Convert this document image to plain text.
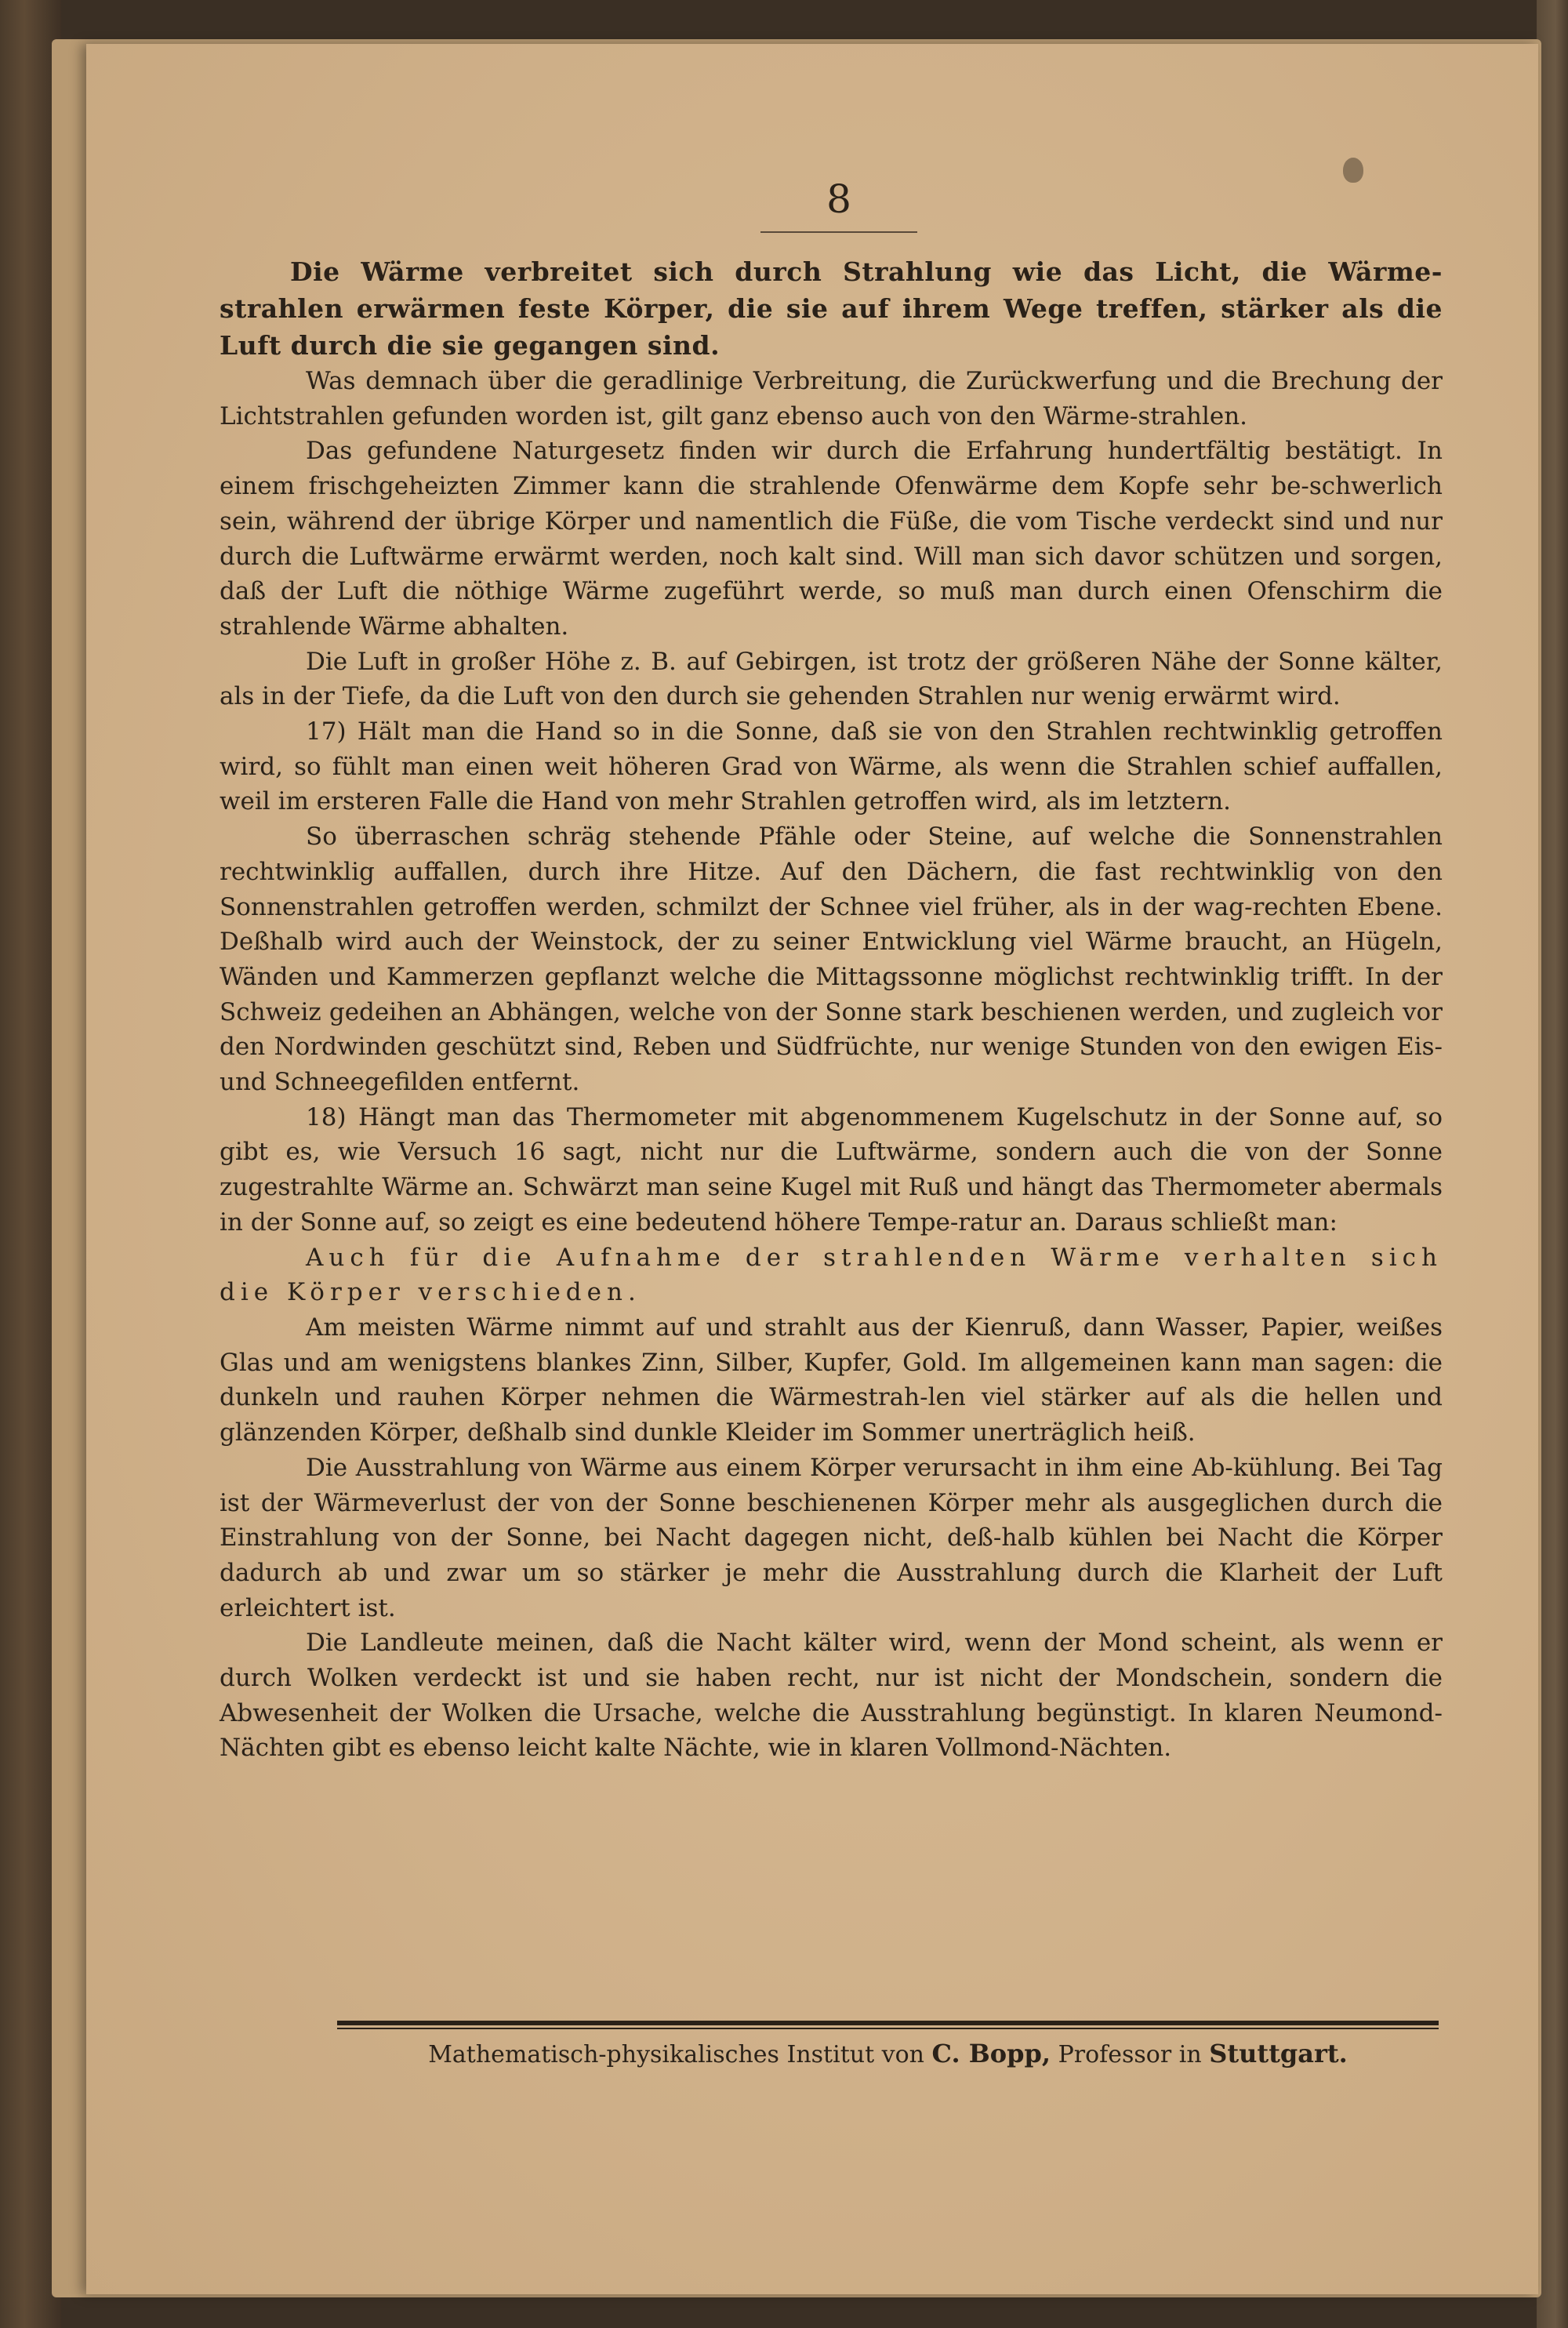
8

Die Wärme verbreitet sich durch Strahlung wie das Licht, die Wärme-strahlen erwärmen feste Körper, die sie auf ihrem Wege treffen, stärker als die Luft durch die sie gegangen sind.

Was demnach über die geradlinige Verbreitung, die Zurückwerfung und die Brechung der Lichtstrahlen gefunden worden ist, gilt ganz ebenso auch von den Wärme-strahlen.

Das gefundene Naturgesetz finden wir durch die Erfahrung hundertfältig bestätigt. In einem frischgeheizten Zimmer kann die strahlende Ofenwärme dem Kopfe sehr be-schwerlich sein, während der übrige Körper und namentlich die Füße, die vom Tische verdeckt sind und nur durch die Luftwärme erwärmt werden, noch kalt sind. Will man sich davor schützen und sorgen, daß der Luft die nöthige Wärme zugeführt werde, so muß man durch einen Ofenschirm die strahlende Wärme abhalten.

Die Luft in großer Höhe z. B. auf Gebirgen, ist trotz der größeren Nähe der Sonne kälter, als in der Tiefe, da die Luft von den durch sie gehenden Strahlen nur wenig erwärmt wird.

17) Hält man die Hand so in die Sonne, daß sie von den Strahlen rechtwinklig getroffen wird, so fühlt man einen weit höheren Grad von Wärme, als wenn die Strahlen schief auffallen, weil im ersteren Falle die Hand von mehr Strahlen getroffen wird, als im letztern.

So überraschen schräg stehende Pfähle oder Steine, auf welche die Sonnenstrahlen rechtwinklig auffallen, durch ihre Hitze. Auf den Dächern, die fast rechtwinklig von den Sonnenstrahlen getroffen werden, schmilzt der Schnee viel früher, als in der wag-rechten Ebene. Deßhalb wird auch der Weinstock, der zu seiner Entwicklung viel Wärme braucht, an Hügeln, Wänden und Kammerzen gepflanzt welche die Mittagssonne möglichst rechtwinklig trifft. In der Schweiz gedeihen an Abhängen, welche von der Sonne stark beschienen werden, und zugleich vor den Nordwinden geschützt sind, Reben und Südfrüchte, nur wenige Stunden von den ewigen Eis- und Schneegefilden entfernt.

18) Hängt man das Thermometer mit abgenommenem Kugelschutz in der Sonne auf, so gibt es, wie Versuch 16 sagt, nicht nur die Luftwärme, sondern auch die von der Sonne zugestrahlte Wärme an. Schwärzt man seine Kugel mit Ruß und hängt das Thermometer abermals in der Sonne auf, so zeigt es eine bedeutend höhere Tempe-ratur an. Daraus schließt man:

Auch für die Aufnahme der strahlenden Wärme verhalten sich die Körper verschieden.

Am meisten Wärme nimmt auf und strahlt aus der Kienruß, dann Wasser, Papier, weißes Glas und am wenigstens blankes Zinn, Silber, Kupfer, Gold. Im allgemeinen kann man sagen: die dunkeln und rauhen Körper nehmen die Wärmestrah-len viel stärker auf als die hellen und glänzenden Körper, deßhalb sind dunkle Kleider im Sommer unerträglich heiß.

Die Ausstrahlung von Wärme aus einem Körper verursacht in ihm eine Ab-kühlung. Bei Tag ist der Wärmeverlust der von der Sonne beschienenen Körper mehr als ausgeglichen durch die Einstrahlung von der Sonne, bei Nacht dagegen nicht, deß-halb kühlen bei Nacht die Körper dadurch ab und zwar um so stärker je mehr die Ausstrahlung durch die Klarheit der Luft erleichtert ist.

Die Landleute meinen, daß die Nacht kälter wird, wenn der Mond scheint, als wenn er durch Wolken verdeckt ist und sie haben recht, nur ist nicht der Mondschein, sondern die Abwesenheit der Wolken die Ursache, welche die Ausstrahlung begünstigt. In klaren Neumond-Nächten gibt es ebenso leicht kalte Nächte, wie in klaren Vollmond-Nächten.

Mathematisch-physikalisches Institut von C. Bopp, Professor in Stuttgart.
